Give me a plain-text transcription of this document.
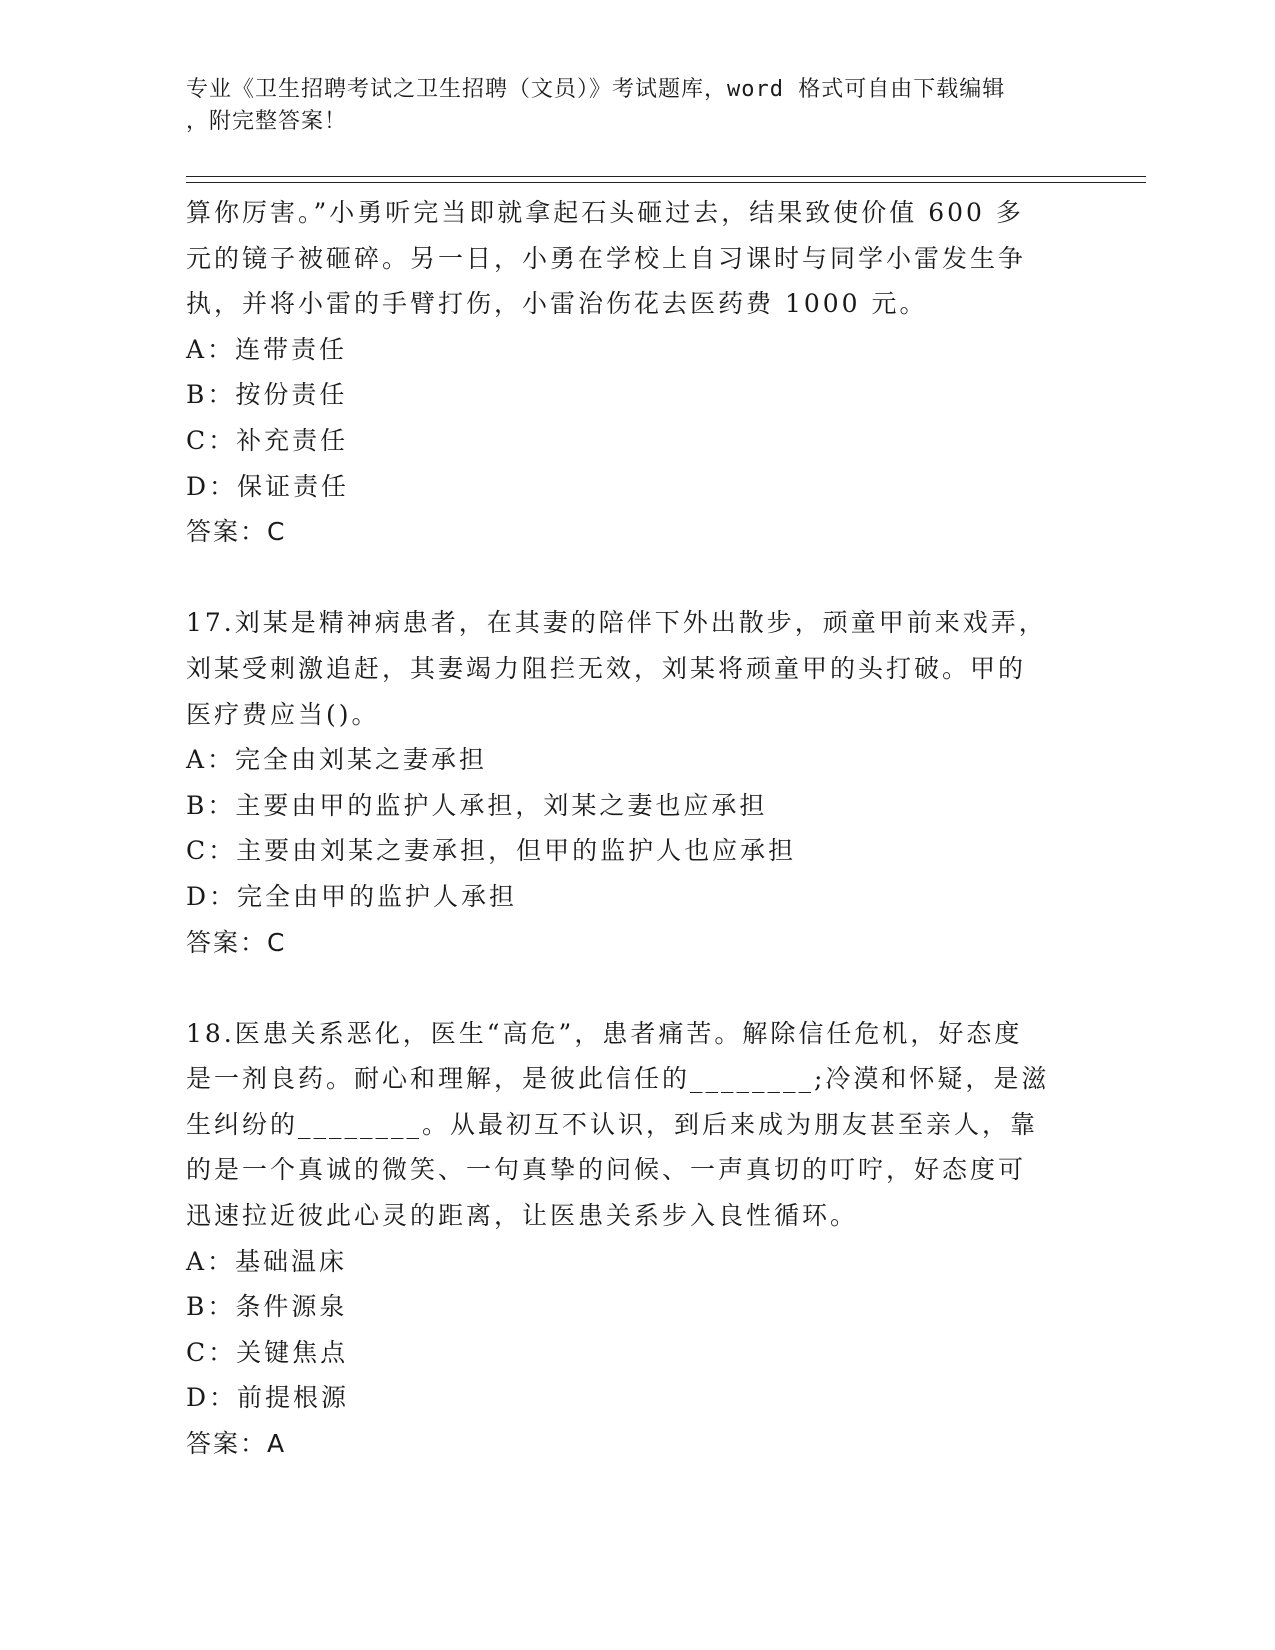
专业《卫生招聘考试之卫生招聘（文员）》考试题库，word 格式可自由下载编辑
，附完整答案！
算你厉害。”小勇听完当即就拿起石头砸过去，结果致使价值 600 多
元的镜子被砸碎。另一日，小勇在学校上自习课时与同学小雷发生争
执，并将小雷的手臂打伤，小雷治伤花去医药费 1000 元。
A：连带责任
B：按份责任
C：补充责任
D：保证责任
答案：C
17.刘某是精神病患者，在其妻的陪伴下外出散步，顽童甲前来戏弄，
刘某受刺激追赶，其妻竭力阻拦无效，刘某将顽童甲的头打破。甲的
医疗费应当()。
A：完全由刘某之妻承担
B：主要由甲的监护人承担，刘某之妻也应承担
C：主要由刘某之妻承担，但甲的监护人也应承担
D：完全由甲的监护人承担
答案：C
18.医患关系恶化，医生“高危”，患者痛苦。解除信任危机，好态度
是一剂良药。耐心和理解，是彼此信任的________;冷漠和怀疑，是滋
生纠纷的________。从最初互不认识，到后来成为朋友甚至亲人，靠
的是一个真诚的微笑、一句真挚的问候、一声真切的叮咛，好态度可
迅速拉近彼此心灵的距离，让医患关系步入良性循环。
A：基础温床
B：条件源泉
C：关键焦点
D：前提根源
答案：A
